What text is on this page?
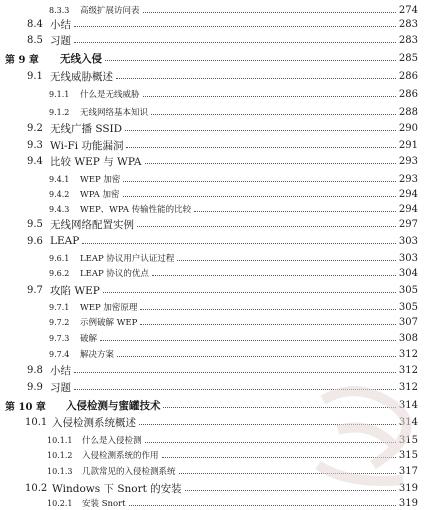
8.3.3 高级扩展访问表	274
8.4 小结	283
8.5 习题	283
第 9 章 无线入侵	285
9.1 无线威胁概述	286
9.1.1 什么是无线威胁	286
9.1.2 无线网络基本知识	288
9.2 无线广播 SSID	290
9.3 Wi-Fi 功能漏洞	291
9.4 比较 WEP 与 WPA	293
9.4.1 WEP 加密	293
9.4.2 WPA 加密	294
9.4.3 WEP、WPA 传输性能的比较	294
9.5 无线网络配置实例	297
9.6 LEAP	303
9.6.1 LEAP 协议用户认证过程	303
9.6.2 LEAP 协议的优点	304
9.7 攻陷 WEP	305
9.7.1 WEP 加密原理	305
9.7.2 示例破解 WEP	307
9.7.3 破解	308
9.7.4 解决方案	312
9.8 小结	312
9.9 习题	312
第 10 章 入侵检测与蜜罐技术	314
10.1 入侵检测系统概述	314
10.1.1 什么是入侵检测	315
10.1.2 入侵检测系统的作用	315
10.1.3 几款常见的入侵检测系统	317
10.2 Windows 下 Snort 的安装	319
10.2.1 安装 Snort	319
